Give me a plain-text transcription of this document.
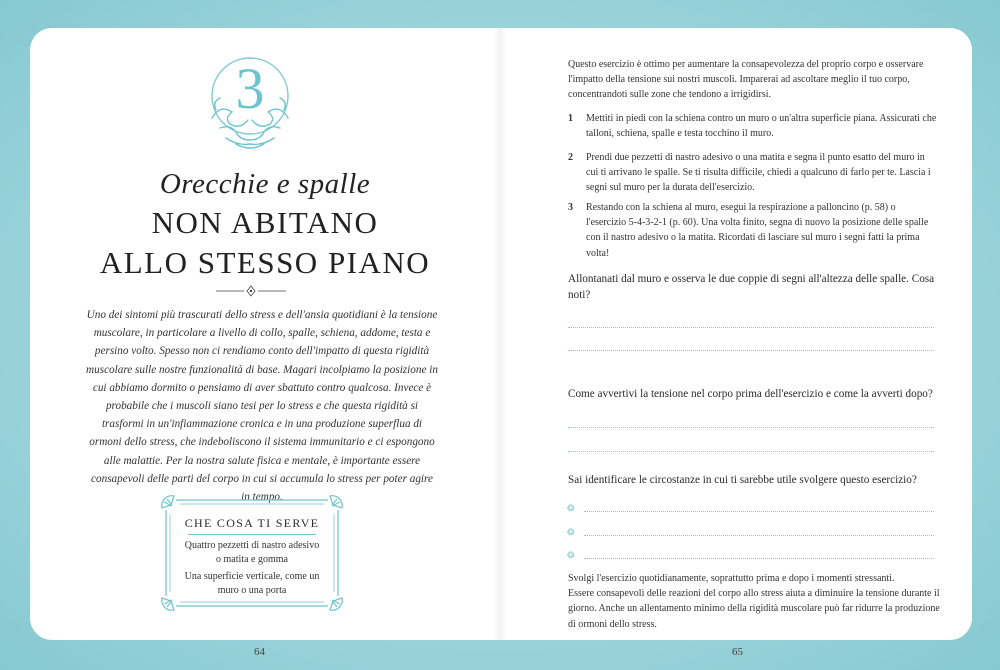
3
Orecchie e spalle
NON ABITANO
ALLO STESSO PIANO

Uno dei sintomi più trascurati dello stress e dell'ansia quotidiani è la tensione muscolare, in particolare a livello di collo, spalle, schiena, addome, testa e persino volto. Spesso non ci rendiamo conto dell'impatto di questa rigidità muscolare sulle nostre funzionalità di base. Magari incolpiamo la posizione in cui abbiamo dormito o pensiamo di aver sbattuto contro qualcosa. Invece è probabile che i muscoli siano tesi per lo stress e che questa rigidità si trasformi in un'infiammazione cronica e in una produzione superflua di ormoni dello stress, che indeboliscono il sistema immunitario e ci espongono alle malattie. Per la nostra salute fisica e mentale, è importante essere consapevoli delle parti del corpo in cui si accumula lo stress per poter agire in tempo.

CHE COSA TI SERVE
Quattro pezzetti di nastro adesivo o matita e gomma
Una superficie verticale, come un muro o una porta
64

Questo esercizio è ottimo per aumentare la consapevolezza del proprio corpo e osservare l'impatto della tensione sui nostri muscoli. Imparerai ad ascoltare meglio il tuo corpo, concentrandoti sulle zone che tendono a irrigidirsi.

1 Mettiti in piedi con la schiena contro un muro o un'altra superficie piana. Assicurati che talloni, schiena, spalle e testa tocchino il muro.
2 Prendi due pezzetti di nastro adesivo o una matita e segna il punto esatto del muro in cui ti arrivano le spalle. Se ti risulta difficile, chiedi a qualcuno di farlo per te. Lascia i segni sul muro per la durata dell'esercizio.
3 Restando con la schiena al muro, esegui la respirazione a palloncino (p. 58) o l'esercizio 5-4-3-2-1 (p. 60). Una volta finito, segna di nuovo la posizione delle spalle con il nastro adesivo o la matita. Ricordati di lasciare sul muro i segni fatti la prima volta!

Allontanati dal muro e osserva le due coppie di segni all'altezza delle spalle. Cosa noti?

Come avvertivi la tensione nel corpo prima dell'esercizio e come la avverti dopo?

Sai identificare le circostanze in cui ti sarebbe utile svolgere questo esercizio?

❂
❂
❂

Svolgi l'esercizio quotidianamente, soprattutto prima e dopo i momenti stressanti.
Essere consapevoli delle reazioni del corpo allo stress aiuta a diminuire la tensione durante il giorno. Anche un allentamento minimo della rigidità muscolare può far ridurre la produzione di ormoni dello stress.

65
